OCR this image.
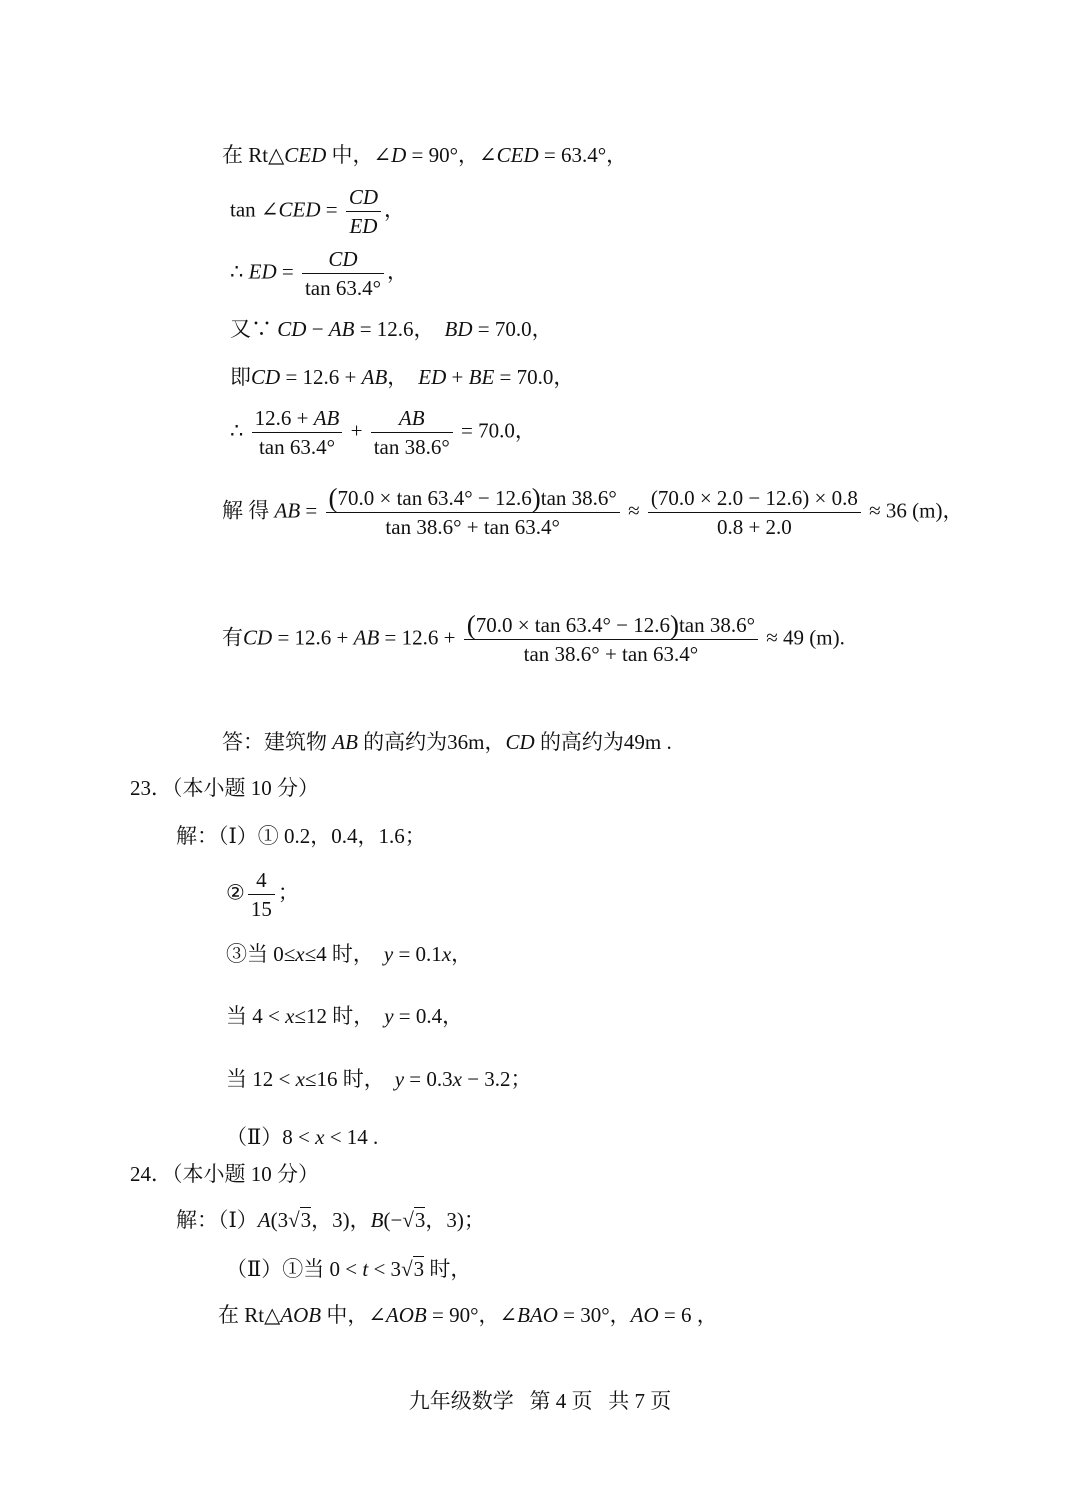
在 Rt△CED 中，∠D = 90°，∠CED = 63.4°，
tan ∠CED = $\frac{CD}{ED}$ ，
∴ ED = $\frac{CD}{\tan 63.4^\circ}$ ，
又∵ CD − AB = 12.6， BD = 70.0，
即CD = 12.6 + AB， ED + BE = 70.0，
∴ $\frac{12.6 + AB}{\tan 63.4^\circ} + \frac{AB}{\tan 38.6^\circ} = 70.0$，
解 得 AB = $\frac{(70.0 \times \tan 63.4^\circ - 12.6)\tan 38.6^\circ}{\tan 38.6^\circ + \tan 63.4^\circ} \approx \frac{(70.0 \times 2.0 - 12.6) \times 0.8}{0.8 + 2.0} \approx 36$ (m)，
有CD = 12.6 + AB = $12.6 + \frac{(70.0 \times \tan 63.4^\circ - 12.6)\tan 38.6^\circ}{\tan 38.6^\circ + \tan 63.4^\circ} \approx 49$ (m).
答：建筑物 AB 的高约为36m，CD 的高约为49m .
23．（本小题 10 分）
解：（Ⅰ）① 0.2，0.4，1.6；
② $\frac{4}{15}$ ；
③当 0≤x≤4 时， y = 0.1x，
当 4 < x≤12 时， y = 0.4，
当 12 < x≤16 时， y = 0.3x − 3.2；
（Ⅱ）8 < x < 14 .
24．（本小题 10 分）
解：（Ⅰ）A(3√3，3)，B(−√3，3)；
（Ⅱ）①当 0 < t < 3√3 时，
在 Rt△AOB 中，∠AOB = 90°，∠BAO = 30°，AO = 6 ，
九年级数学   第 4 页   共 7 页
